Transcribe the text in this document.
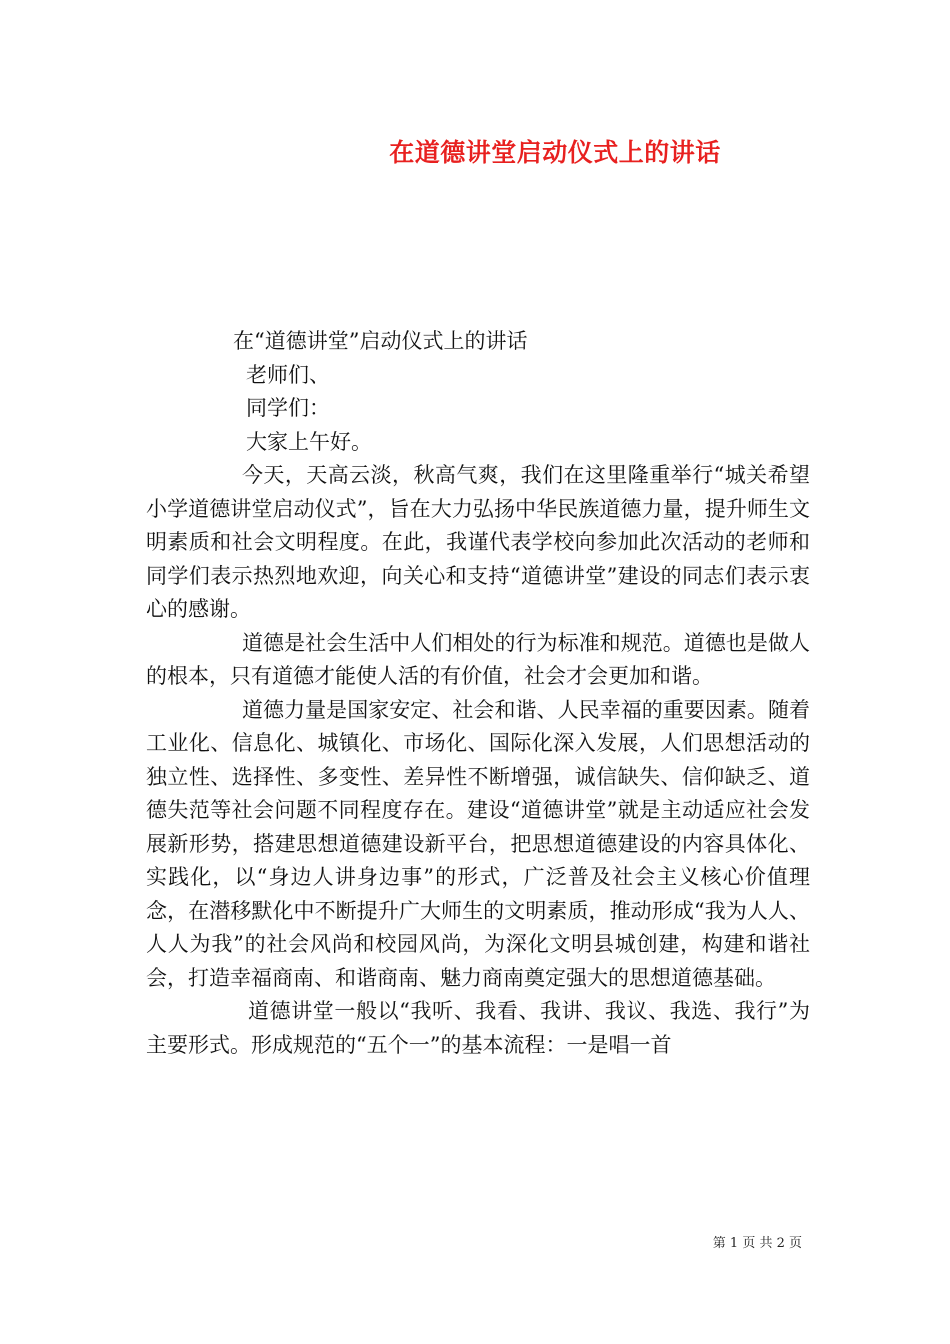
在道德讲堂启动仪式上的讲话

在“道德讲堂”启动仪式上的讲话

老师们、

同学们：

大家上午好。

今天，天高云淡，秋高气爽，我们在这里隆重举行“城关希望小学道德讲堂启动仪式”，旨在大力弘扬中华民族道德力量，提升师生文明素质和社会文明程度。在此，我谨代表学校向参加此次活动的老师和同学们表示热烈地欢迎，向关心和支持“道德讲堂”建设的同志们表示衷心的感谢。

道德是社会生活中人们相处的行为标准和规范。道德也是做人的根本，只有道德才能使人活的有价值，社会才会更加和谐。

道德力量是国家安定、社会和谐、人民幸福的重要因素。随着工业化、信息化、城镇化、市场化、国际化深入发展，人们思想活动的独立性、选择性、多变性、差异性不断增强，诚信缺失、信仰缺乏、道德失范等社会问题不同程度存在。建设“道德讲堂”就是主动适应社会发展新形势，搭建思想道德建设新平台，把思想道德建设的内容具体化、实践化，以“身边人讲身边事”的形式，广泛普及社会主义核心价值理念，在潜移默化中不断提升广大师生的文明素质，推动形成“我为人人、人人为我”的社会风尚和校园风尚，为深化文明县城创建，构建和谐社会，打造幸福商南、和谐商南、魅力商南奠定强大的思想道德基础。

道德讲堂一般以“我听、我看、我讲、我议、我选、我行”为主要形式。形成规范的“五个一”的基本流程：一是唱一首

第 1 页 共 2 页
